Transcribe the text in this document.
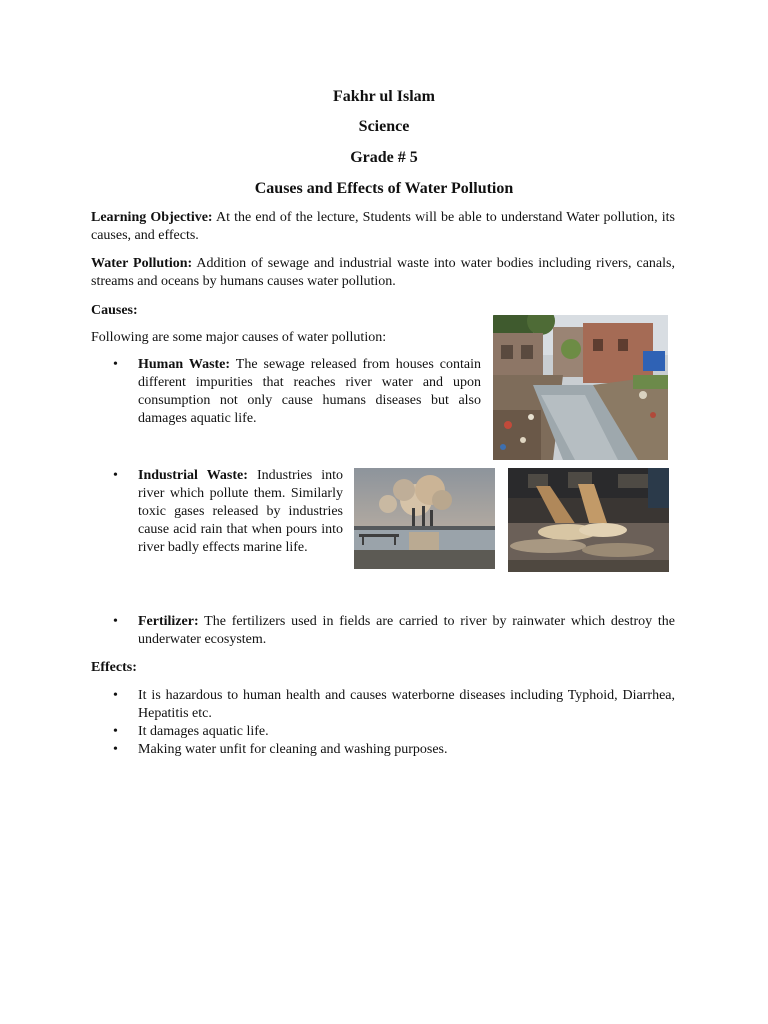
Fakhr ul Islam
Science
Grade # 5
Causes and Effects of Water Pollution
Learning Objective: At the end of the lecture, Students will be able to understand Water pollution, its causes, and effects.
Water Pollution: Addition of sewage and industrial waste into water bodies including rivers, canals, streams and oceans by humans causes water pollution.
Causes:
Following are some major causes of water pollution:
• Human Waste: The sewage released from houses contain different impurities that reaches river water and upon consumption not only cause humans diseases but also damages aquatic life.
• Industrial Waste: Industries into river which pollute them. Similarly toxic gases released by industries cause acid rain that when pours into river badly effects marine life.
• Fertilizer: The fertilizers used in fields are carried to river by rainwater which destroy the underwater ecosystem.
Effects:
• It is hazardous to human health and causes waterborne diseases including Typhoid, Diarrhea, Hepatitis etc.
• It damages aquatic life.
• Making water unfit for cleaning and washing purposes.
